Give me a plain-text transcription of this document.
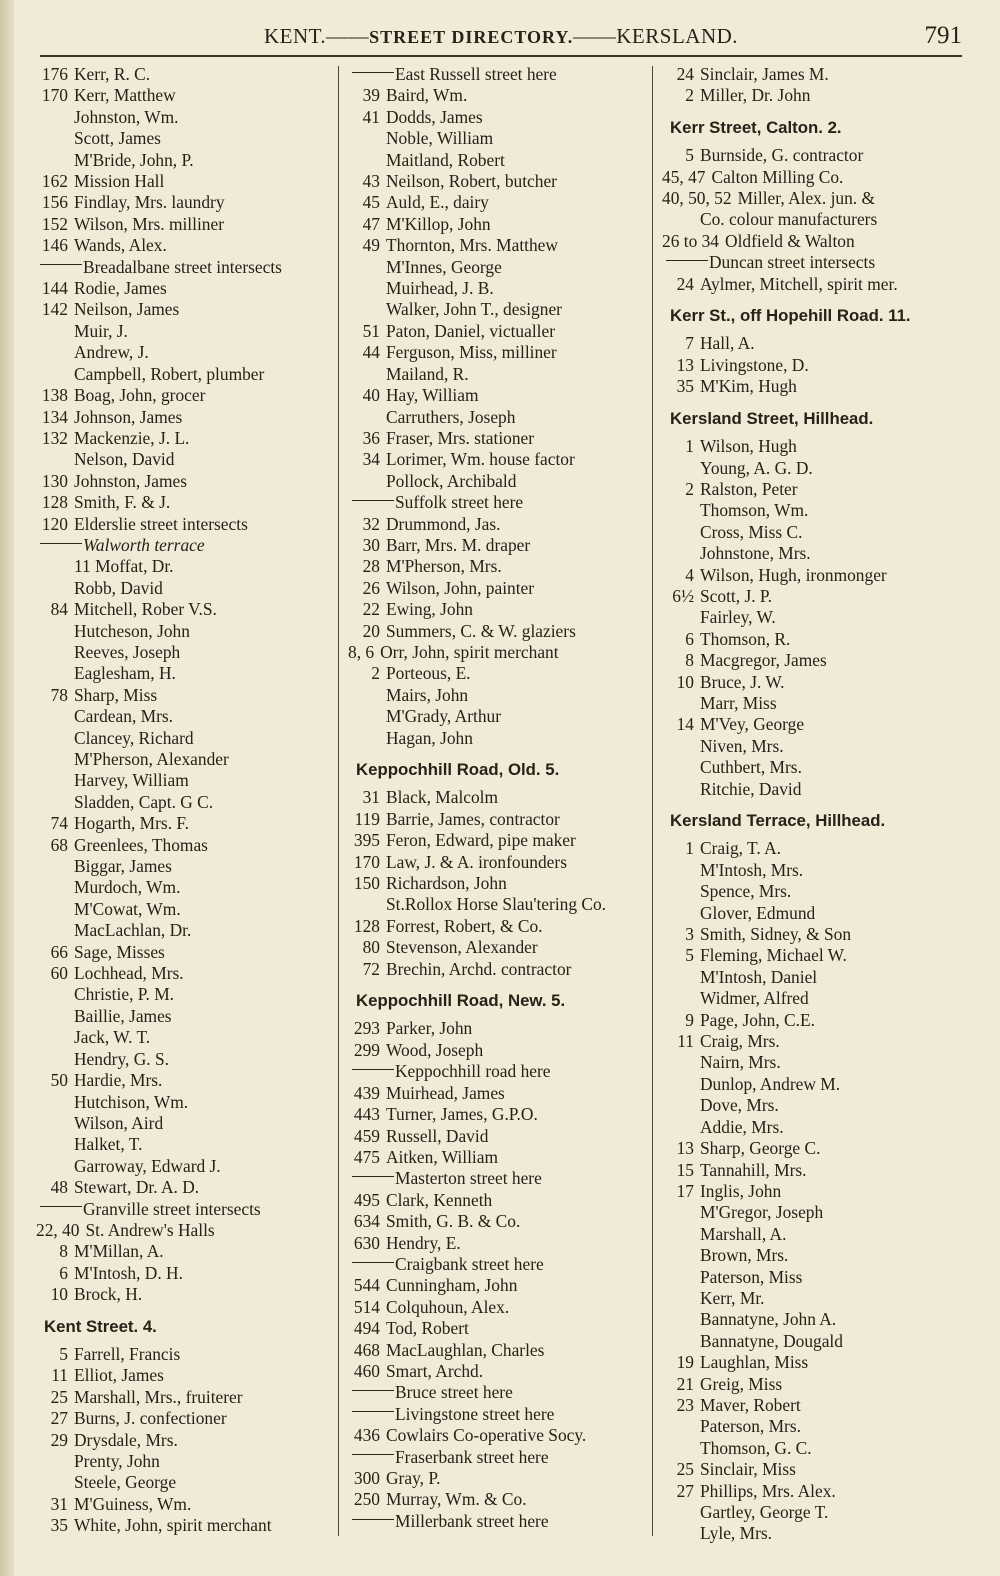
KENT.——STREET DIRECTORY.——KERSLAND.	791
176 Kerr, R. C.
170 Kerr, Matthew
Johnston, Wm.
Scott, James
M'Bride, John, P.
162 Mission Hall
156 Findlay, Mrs. laundry
152 Wilson, Mrs. milliner
146 Wands, Alex.
Breadalbane street intersects
144 Rodie, James
142 Neilson, James
Muir, J.
Andrew, J.
Campbell, Robert, plumber
138 Boag, John, grocer
134 Johnson, James
132 Mackenzie, J. L.
Nelson, David
130 Johnston, James
128 Smith, F. & J.
120 Elderslie street intersects
Walworth terrace
11 Moffat, Dr.
Robb, David
84 Mitchell, Rober V.S.
Hutcheson, John
Reeves, Joseph
Eaglesham, H.
78 Sharp, Miss
Cardean, Mrs.
Clancey, Richard
M'Pherson, Alexander
Harvey, William
Sladden, Capt. G C.
74 Hogarth, Mrs. F.
68 Greenlees, Thomas
Biggar, James
Murdoch, Wm.
M'Cowat, Wm.
MacLachlan, Dr.
66 Sage, Misses
60 Lochhead, Mrs.
Christie, P. M.
Baillie, James
Jack, W. T.
Hendry, G. S.
50 Hardie, Mrs.
Hutchison, Wm.
Wilson, Aird
Halket, T.
Garroway, Edward J.
48 Stewart, Dr. A. D.
Granville street intersects
22, 40 St. Andrew's Halls
8 M'Millan, A.
6 M'Intosh, D. H.
10 Brock, H.
Kent Street. 4.
5 Farrell, Francis
11 Elliot, James
25 Marshall, Mrs., fruiterer
27 Burns, J. confectioner
29 Drysdale, Mrs.
Prenty, John
Steele, George
31 M'Guiness, Wm.
35 White, John, spirit merchant
East Russell street here
39 Baird, Wm.
41 Dodds, James
Noble, William
Maitland, Robert
43 Neilson, Robert, butcher
45 Auld, E., dairy
47 M'Killop, John
49 Thornton, Mrs. Matthew
M'Innes, George
Muirhead, J. B.
Walker, John T., designer
51 Paton, Daniel, victualler
44 Ferguson, Miss, milliner
Mailand, R.
40 Hay, William
Carruthers, Joseph
36 Fraser, Mrs. stationer
34 Lorimer, Wm. house factor
Pollock, Archibald
Suffolk street here
32 Drummond, Jas.
30 Barr, Mrs. M. draper
28 M'Pherson, Mrs.
26 Wilson, John, painter
22 Ewing, John
20 Summers, C. & W. glaziers
8, 6 Orr, John, spirit merchant
2 Porteous, E.
Mairs, John
M'Grady, Arthur
Hagan, John
Keppochhill Road, Old. 5.
31 Black, Malcolm
119 Barrie, James, contractor
395 Feron, Edward, pipe maker
170 Law, J. & A. ironfounders
150 Richardson, John
St.Rollox Horse Slau'tering Co.
128 Forrest, Robert, & Co.
80 Stevenson, Alexander
72 Brechin, Archd. contractor
Keppochhill Road, New. 5.
293 Parker, John
299 Wood, Joseph
Keppochhill road here
439 Muirhead, James
443 Turner, James, G.P.O.
459 Russell, David
475 Aitken, William
Masterton street here
495 Clark, Kenneth
634 Smith, G. B. & Co.
630 Hendry, E.
Craigbank street here
544 Cunningham, John
514 Colquhoun, Alex.
494 Tod, Robert
468 MacLaughlan, Charles
460 Smart, Archd.
Bruce street here
Livingstone street here
436 Cowlairs Co-operative Socy.
Fraserbank street here
300 Gray, P.
250 Murray, Wm. & Co.
Millerbank street here
24 Sinclair, James M.
2 Miller, Dr. John
Kerr Street, Calton. 2.
5 Burnside, G. contractor
45, 47 Calton Milling Co.
40, 50, 52 Miller, Alex. jun. &
Co. colour manufacturers
26 to 34 Oldfield & Walton
Duncan street intersects
24 Aylmer, Mitchell, spirit mer.
Kerr St., off Hopehill Road. 11.
7 Hall, A.
13 Livingstone, D.
35 M'Kim, Hugh
Kersland Street, Hillhead.
1 Wilson, Hugh
Young, A. G. D.
2 Ralston, Peter
Thomson, Wm.
Cross, Miss C.
Johnstone, Mrs.
4 Wilson, Hugh, ironmonger
6½ Scott, J. P.
Fairley, W.
6 Thomson, R.
8 Macgregor, James
10 Bruce, J. W.
Marr, Miss
14 M'Vey, George
Niven, Mrs.
Cuthbert, Mrs.
Ritchie, David
Kersland Terrace, Hillhead.
1 Craig, T. A.
M'Intosh, Mrs.
Spence, Mrs.
Glover, Edmund
3 Smith, Sidney, & Son
5 Fleming, Michael W.
M'Intosh, Daniel
Widmer, Alfred
9 Page, John, C.E.
11 Craig, Mrs.
Nairn, Mrs.
Dunlop, Andrew M.
Dove, Mrs.
Addie, Mrs.
13 Sharp, George C.
15 Tannahill, Mrs.
17 Inglis, John
M'Gregor, Joseph
Marshall, A.
Brown, Mrs.
Paterson, Miss
Kerr, Mr.
Bannatyne, John A.
Bannatyne, Dougald
19 Laughlan, Miss
21 Greig, Miss
23 Maver, Robert
Paterson, Mrs.
Thomson, G. C.
25 Sinclair, Miss
27 Phillips, Mrs. Alex.
Gartley, George T.
Lyle, Mrs.
